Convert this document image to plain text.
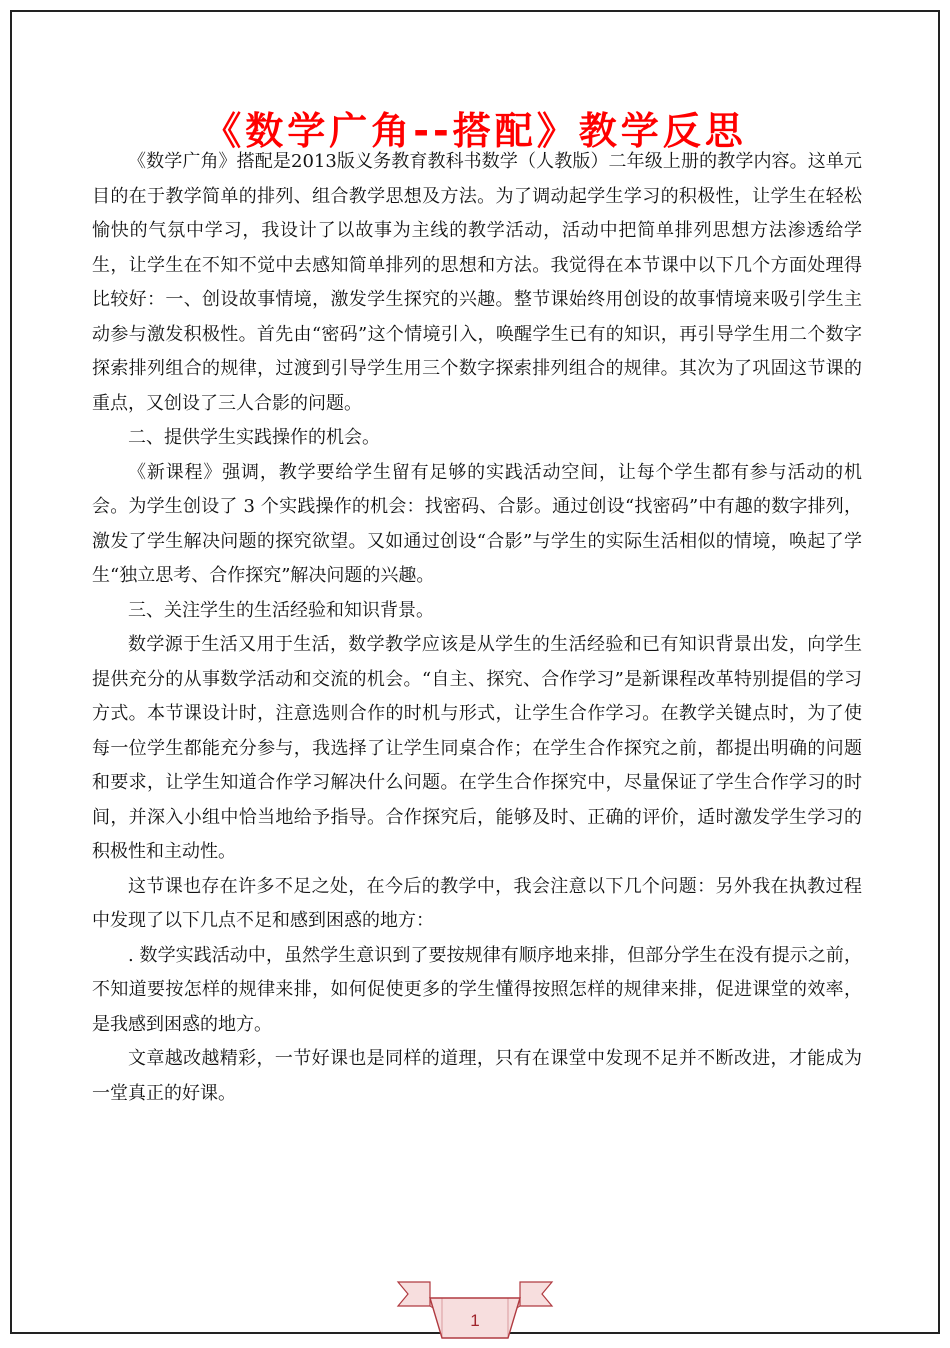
《数学广角--搭配》教学反思

《数学广角》搭配是2013版义务教育教科书数学（人教版）二年级上册的教学内容。这单元目的在于教学简单的排列、组合教学思想及方法。为了调动起学生学习的积极性，让学生在轻松愉快的气氛中学习，我设计了以故事为主线的教学活动，活动中把简单排列思想方法渗透给学生，让学生在不知不觉中去感知简单排列的思想和方法。我觉得在本节课中以下几个方面处理得比较好：一、创设故事情境，激发学生探究的兴趣。整节课始终用创设的故事情境来吸引学生主动参与激发积极性。首先由“密码”这个情境引入，唤醒学生已有的知识，再引导学生用二个数字探索排列组合的规律，过渡到引导学生用三个数字探索排列组合的规律。其次为了巩固这节课的重点，又创设了三人合影的问题。

二、提供学生实践操作的机会。

《新课程》强调，教学要给学生留有足够的实践活动空间，让每个学生都有参与活动的机会。为学生创设了 3 个实践操作的机会：找密码、合影。通过创设“找密码”中有趣的数字排列，激发了学生解决问题的探究欲望。又如通过创设“合影”与学生的实际生活相似的情境，唤起了学生“独立思考、合作探究”解决问题的兴趣。

三、关注学生的生活经验和知识背景。

数学源于生活又用于生活，数学教学应该是从学生的生活经验和已有知识背景出发，向学生提供充分的从事数学活动和交流的机会。“自主、探究、合作学习”是新课程改革特别提倡的学习方式。本节课设计时，注意选则合作的时机与形式，让学生合作学习。在教学关键点时，为了使每一位学生都能充分参与，我选择了让学生同桌合作；在学生合作探究之前，都提出明确的问题和要求，让学生知道合作学习解决什么问题。在学生合作探究中，尽量保证了学生合作学习的时间，并深入小组中恰当地给予指导。合作探究后，能够及时、正确的评价，适时激发学生学习的积极性和主动性。

这节课也存在许多不足之处，在今后的教学中，我会注意以下几个问题：另外我在执教过程中发现了以下几点不足和感到困惑的地方：

. 数学实践活动中，虽然学生意识到了要按规律有顺序地来排，但部分学生在没有提示之前，不知道要按怎样的规律来排，如何促使更多的学生懂得按照怎样的规律来排，促进课堂的效率，是我感到困惑的地方。

文章越改越精彩，一节好课也是同样的道理，只有在课堂中发现不足并不断改进，才能成为一堂真正的好课。

1
